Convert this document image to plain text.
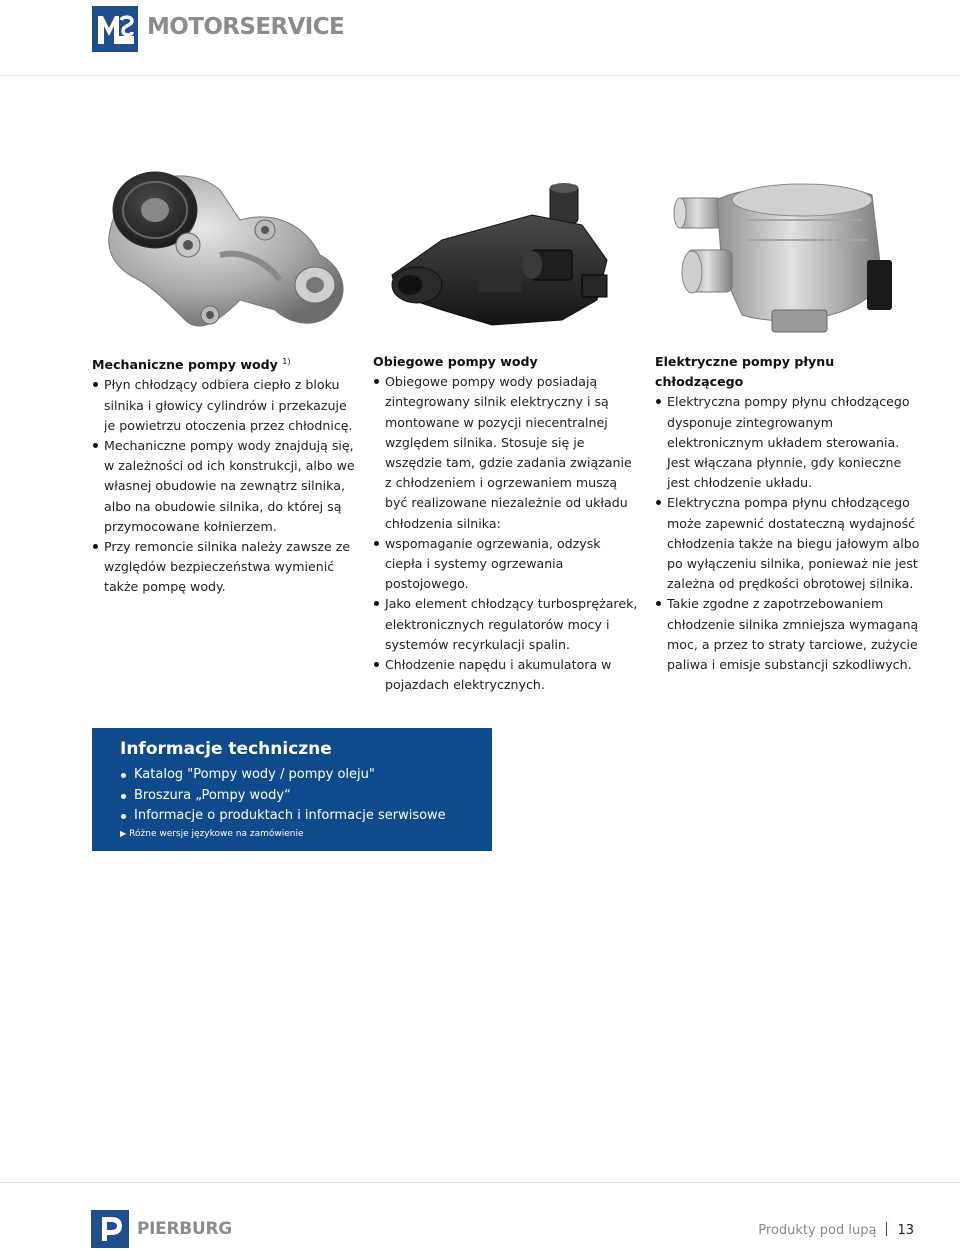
MOTORSERVICE
Mechaniczne pompy wody $^{1)}$
Płyn chłodzący odbiera ciepło z bloku silnika i głowicy cylindrów i przekazuje je powietrzu otoczenia przez chłodnicę.
Mechaniczne pompy wody znajdują się, w zależności od ich konstrukcji, albo we własnej obudowie na zewnątrz silnika, albo na obudowie silnika, do której są przymocowane kołnierzem.
Przy remoncie silnika należy zawsze ze względów bezpieczeństwa wymienić także pompę wody.
Obiegowe pompy wody
Obiegowe pompy wody posiadają zintegrowany silnik elektryczny i są montowane w pozycji niecentralnej względem silnika. Stosuje się je wszędzie tam, gdzie zadania związanie z chłodzeniem i ogrzewaniem muszą być realizowane niezależnie od układu chłodzenia silnika:
wspomaganie ogrzewania, odzysk ciepła i systemy ogrzewania postojowego.
Jako element chłodzący turbosprężarek, elektronicznych regulatorów mocy i systemów recyrkulacji spalin.
Chłodzenie napędu i akumulatora w pojazdach elektrycznych.
Elektryczne pompy płynu chłodzącego
Elektryczna pompy płynu chłodzącego dysponuje zintegrowanym elektronicznym układem sterowania. Jest włączana płynnie, gdy konieczne jest chłodzenie układu.
Elektryczna pompa płynu chłodzącego może zapewnić dostateczną wydajność chłodzenia także na biegu jałowym albo po wyłączeniu silnika, ponieważ nie jest zależna od prędkości obrotowej silnika.
Takie zgodne z zapotrzebowaniem chłodzenie silnika zmniejsza wymaganą moc, a przez to straty tarciowe, zużycie paliwa i emisje substancji szkodliwych.
Informacje techniczne
Katalog "Pompy wody / pompy oleju"
Broszura „Pompy wody“
Informacje o produktach i informacje serwisowe
▶ Różne wersje językowe na zamówienie
PIERBURG	Produkty pod lupą 13
